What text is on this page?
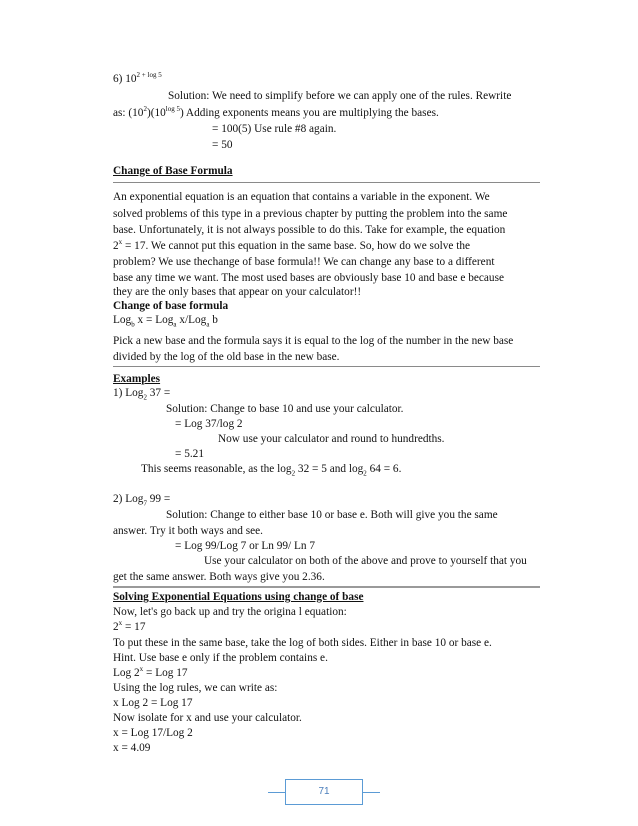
6) $10^{2 + log 5}$
Solution: We need to simplify before we can apply one of the rules. Rewrite
as: $(10^2)(10^{log 5})$ Adding exponents means you are multiplying the bases.
= 100(5) Use rule #8 again.
= 50
Change of Base Formula
An exponential equation is an equation that contains a variable in the exponent. We
solved problems of this type in a previous chapter by putting the problem into the same
base. Unfortunately, it is not always possible to do this. Take for example, the equation
$2^x = 17$. We cannot put this equation in the same base. So, how do we solve the
problem? We use thechange of base formula!! We can change any base to a different
base any time we want. The most used bases are obviously base 10 and base e because
they are the only bases that appear on your calculator!!
Change of base formula
Log$_b$ x = Log$_a$ x/Log$_a$ b
Pick a new base and the formula says it is equal to the log of the number in the new base
divided by the log of the old base in the new base.
Examples
1) Log$_2$ 37 =
Solution: Change to base 10 and use your calculator.
= Log 37/log 2
Now use your calculator and round to hundredths.
= 5.21
This seems reasonable, as the $\log_2 32 = 5$ and $\log_2 64 = 6$.
2) Log$_7$ 99 =
Solution: Change to either base 10 or base e. Both will give you the same
answer. Try it both ways and see.
= Log 99/Log 7 or Ln 99/ Ln 7
Use your calculator on both of the above and prove to yourself that you
get the same answer. Both ways give you 2.36.
Solving Exponential Equations using change of base
Now, let's go back up and try the origina l equation:
$2^x = 17$
To put these in the same base, take the log of both sides. Either in base 10 or base e.
Hint. Use base e only if the problem contains e.
Log $2^x$ = Log 17
Using the log rules, we can write as:
x Log 2 = Log 17
Now isolate for x and use your calculator.
x = Log 17/Log 2
x = 4.09
71
